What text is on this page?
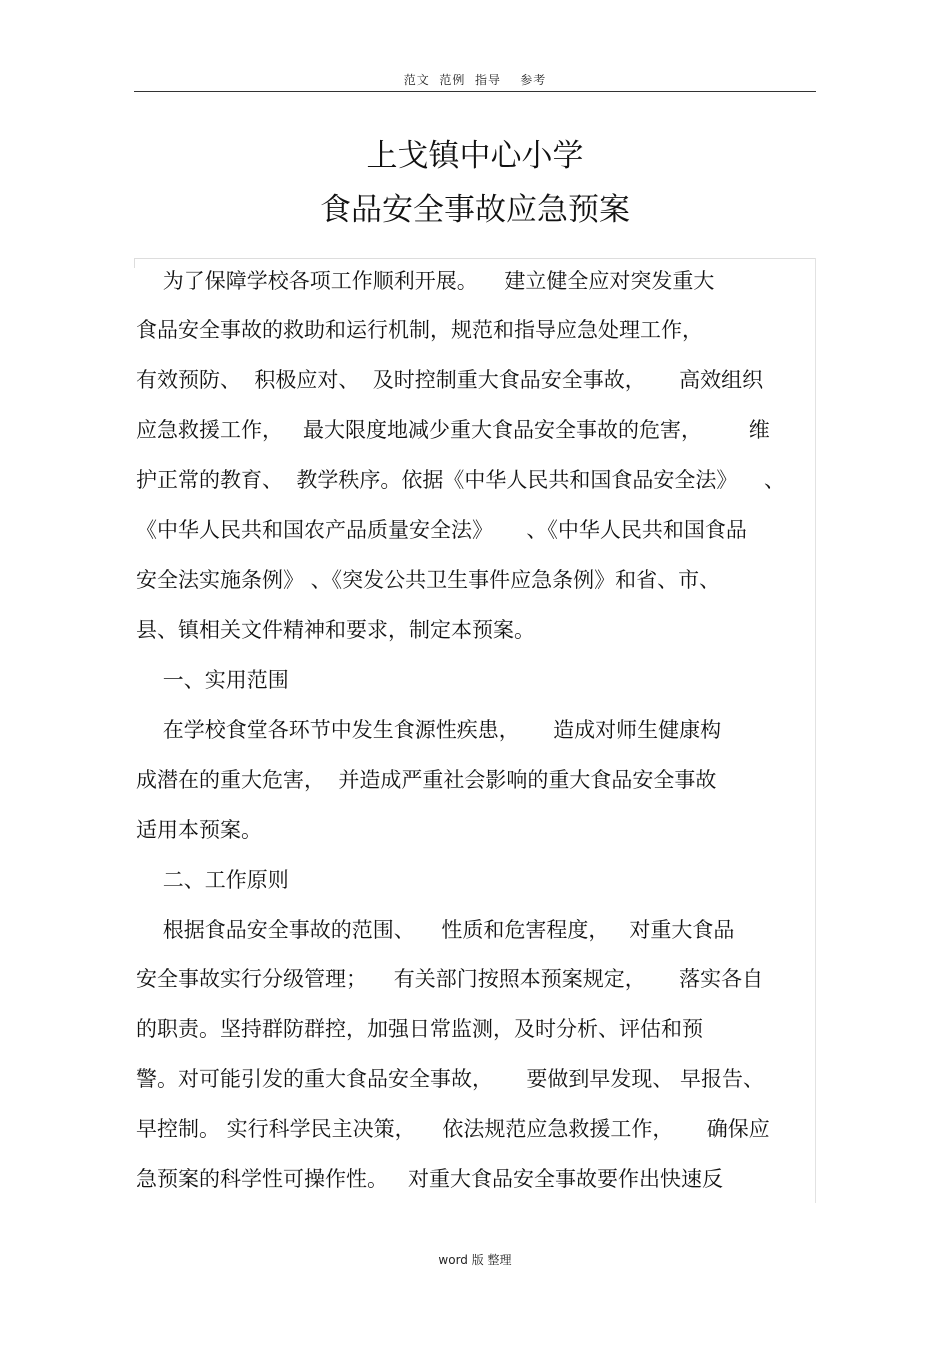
范文  范例  指导    参考
上戈镇中心小学
食品安全事故应急预案
为了保障学校各项工作顺利开展。    建立健全应对突发重大
食品安全事故的救助和运行机制，规范和指导应急处理工作，
有效预防、  积极应对、  及时控制重大食品安全事故，     高效组织
应急救援工作，   最大限度地减少重大食品安全事故的危害，       维
护正常的教育、  教学秩序。依据《中华人民共和国食品安全法》    、
《中华人民共和国农产品质量安全法》     、《中华人民共和国食品
安全法实施条例》 、《突发公共卫生事件应急条例》和省、市、
县、镇相关文件精神和要求，制定本预案。
一、实用范围
在学校食堂各环节中发生食源性疾患，     造成对师生健康构
成潜在的重大危害，  并造成严重社会影响的重大食品安全事故
适用本预案。
二、工作原则
根据食品安全事故的范围、    性质和危害程度，   对重大食品
安全事故实行分级管理；    有关部门按照本预案规定，     落实各自
的职责。坚持群防群控，加强日常监测，及时分析、评估和预
警。对可能引发的重大食品安全事故，     要做到早发现、 早报告、
早控制。 实行科学民主决策，    依法规范应急救援工作，     确保应
急预案的科学性可操作性。   对重大食品安全事故要作出快速反
word 版 整理
